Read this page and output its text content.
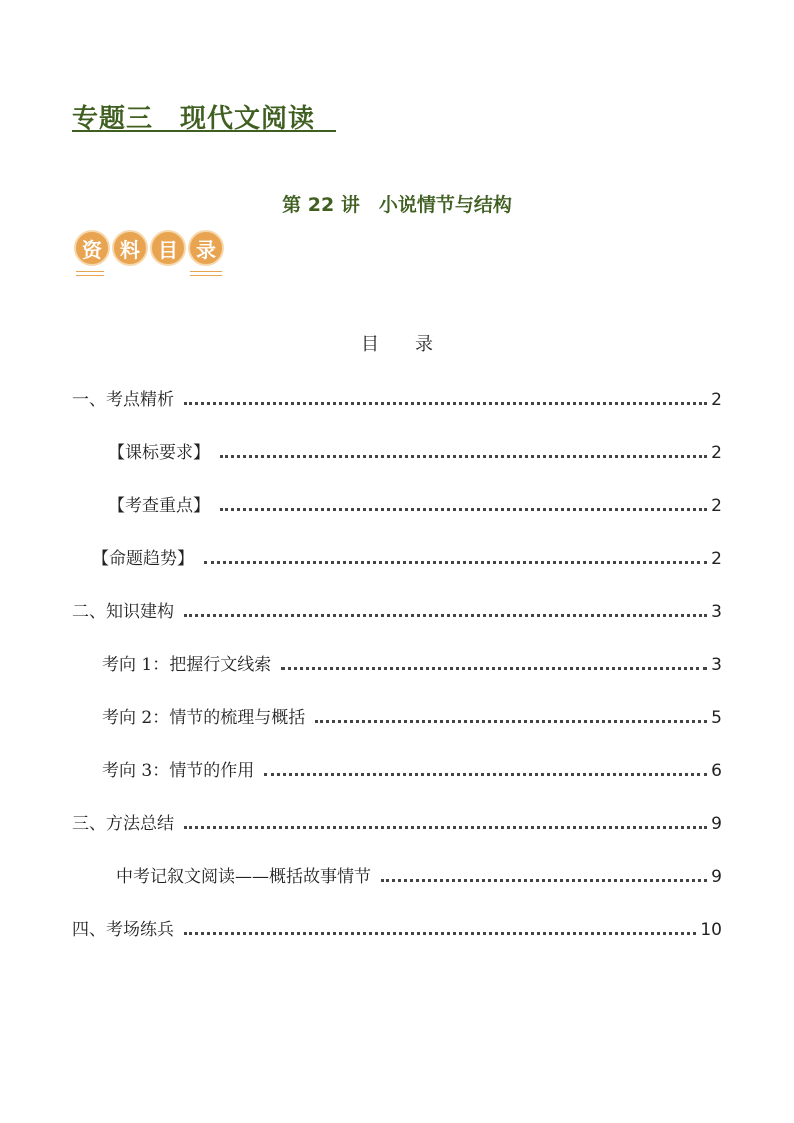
专题三　现代文阅读
第 22 讲　小说情节与结构
资 料 目 录
目　　录
一、考点精析	2
【课标要求】	2
【考查重点】	2
【命题趋势】	2
二、知识建构	3
考向 1：把握行文线索	3
考向 2：情节的梳理与概括	5
考向 3：情节的作用	6
三、方法总结	9
中考记叙文阅读——概括故事情节	9
四、考场练兵	10
